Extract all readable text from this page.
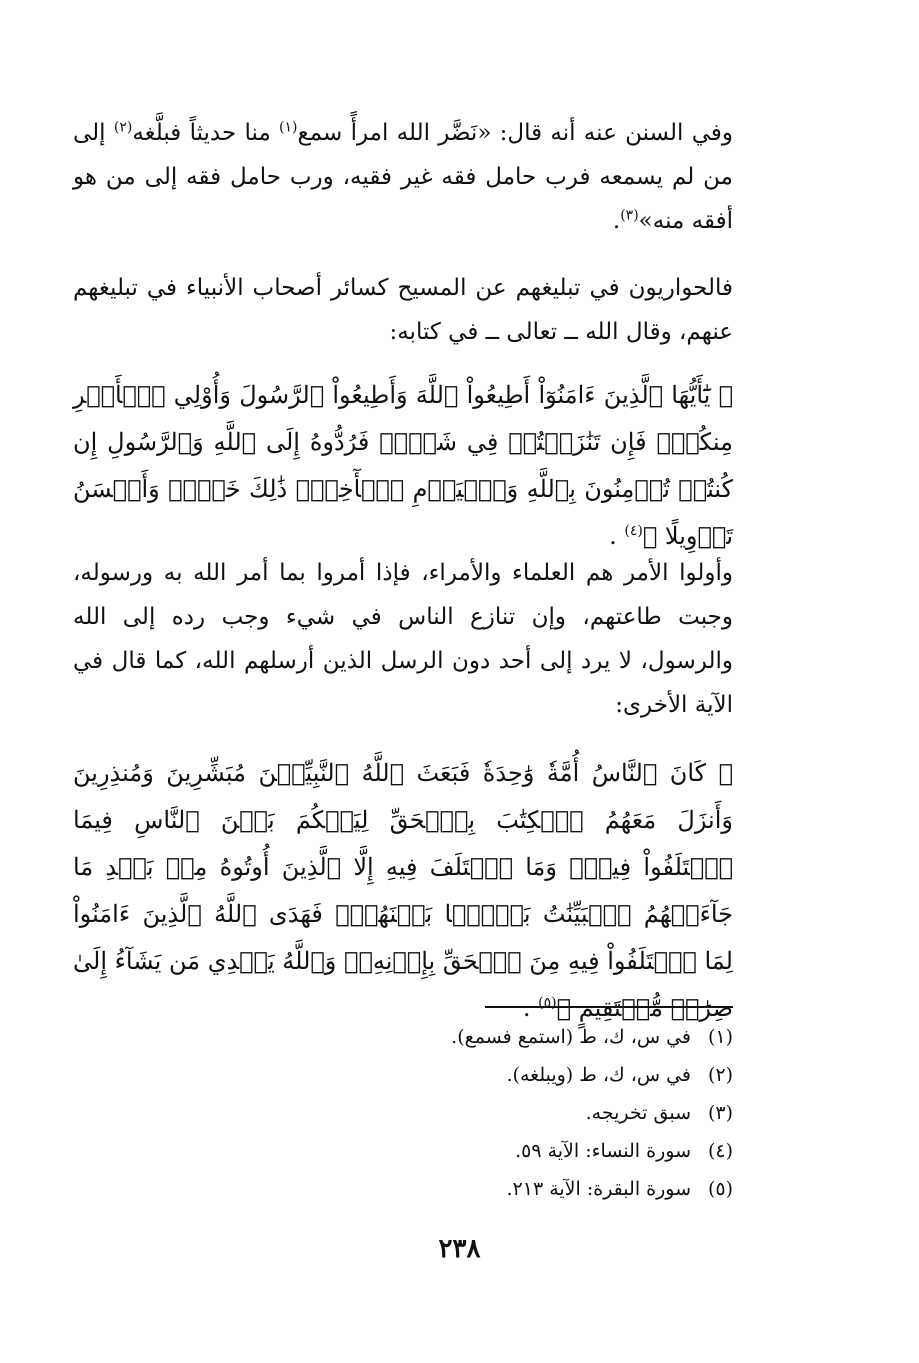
وفي السنن عنه أنه قال: «نَضَّر الله امرأً سمع$^{(١)}$ منا حديثاً فبلَّغه$^{(٢)}$ إلى من لم يسمعه فرب حامل فقه غير فقيه، ورب حامل فقه إلى من هو أفقه منه»$^{(٣)}$.

فالحواريون في تبليغهم عن المسيح كسائر أصحاب الأنبياء في تبليغهم عنهم، وقال الله ــ تعالى ــ في كتابه:

﴿ يَٰٓأَيُّهَا ٱلَّذِينَ ءَامَنُوٓاْ أَطِيعُواْ ٱللَّهَ وَأَطِيعُواْ ٱلرَّسُولَ وَأُوْلِي ٱلۡأَمۡرِ مِنكُمۡۖ فَإِن تَنَٰزَعۡتُمۡ فِي شَيۡءٖ فَرُدُّوهُ إِلَى ٱللَّهِ وَٱلرَّسُولِ إِن كُنتُمۡ تُؤۡمِنُونَ بِٱللَّهِ وَٱلۡيَوۡمِ ٱلۡأٓخِرِۚ ذَٰلِكَ خَيۡرٞ وَأَحۡسَنُ تَأۡوِيلًا ﴾$^{(٤)}$ .

وأولوا الأمر هم العلماء والأمراء، فإذا أمروا بما أمر الله به ورسوله، وجبت طاعتهم، وإن تنازع الناس في شيء وجب رده إلى الله والرسول، لا يرد إلى أحد دون الرسل الذين أرسلهم الله، كما قال في الآية الأخرى:

﴿ كَانَ ٱلنَّاسُ أُمَّةٗ وَٰحِدَةٗ فَبَعَثَ ٱللَّهُ ٱلنَّبِيِّـۧنَ مُبَشِّرِينَ وَمُنذِرِينَ وَأَنزَلَ مَعَهُمُ ٱلۡكِتَٰبَ بِٱلۡحَقِّ لِيَحۡكُمَ بَيۡنَ ٱلنَّاسِ فِيمَا ٱخۡتَلَفُواْ فِيهِۚ وَمَا ٱخۡتَلَفَ فِيهِ إِلَّا ٱلَّذِينَ أُوتُوهُ مِنۢ بَعۡدِ مَا جَآءَتۡهُمُ ٱلۡبَيِّنَٰتُ بَغۡيَۢا بَيۡنَهُمۡۖ فَهَدَى ٱللَّهُ ٱلَّذِينَ ءَامَنُواْ لِمَا ٱخۡتَلَفُواْ فِيهِ مِنَ ٱلۡحَقِّ بِإِذۡنِهِۦۗ وَٱللَّهُ يَهۡدِي مَن يَشَآءُ إِلَىٰ صِرَٰطٖ مُّسۡتَقِيمٍ ﴾$^{(٥)}$ .

(١)
في س، ك، ط (استمع فسمع).
(٢)
في س، ك، ط (ويبلغه).
(٣)
سبق تخريجه.
(٤)
سورة النساء: الآية ٥٩.
(٥)
سورة البقرة: الآية ٢١٣.
٢٣٨
